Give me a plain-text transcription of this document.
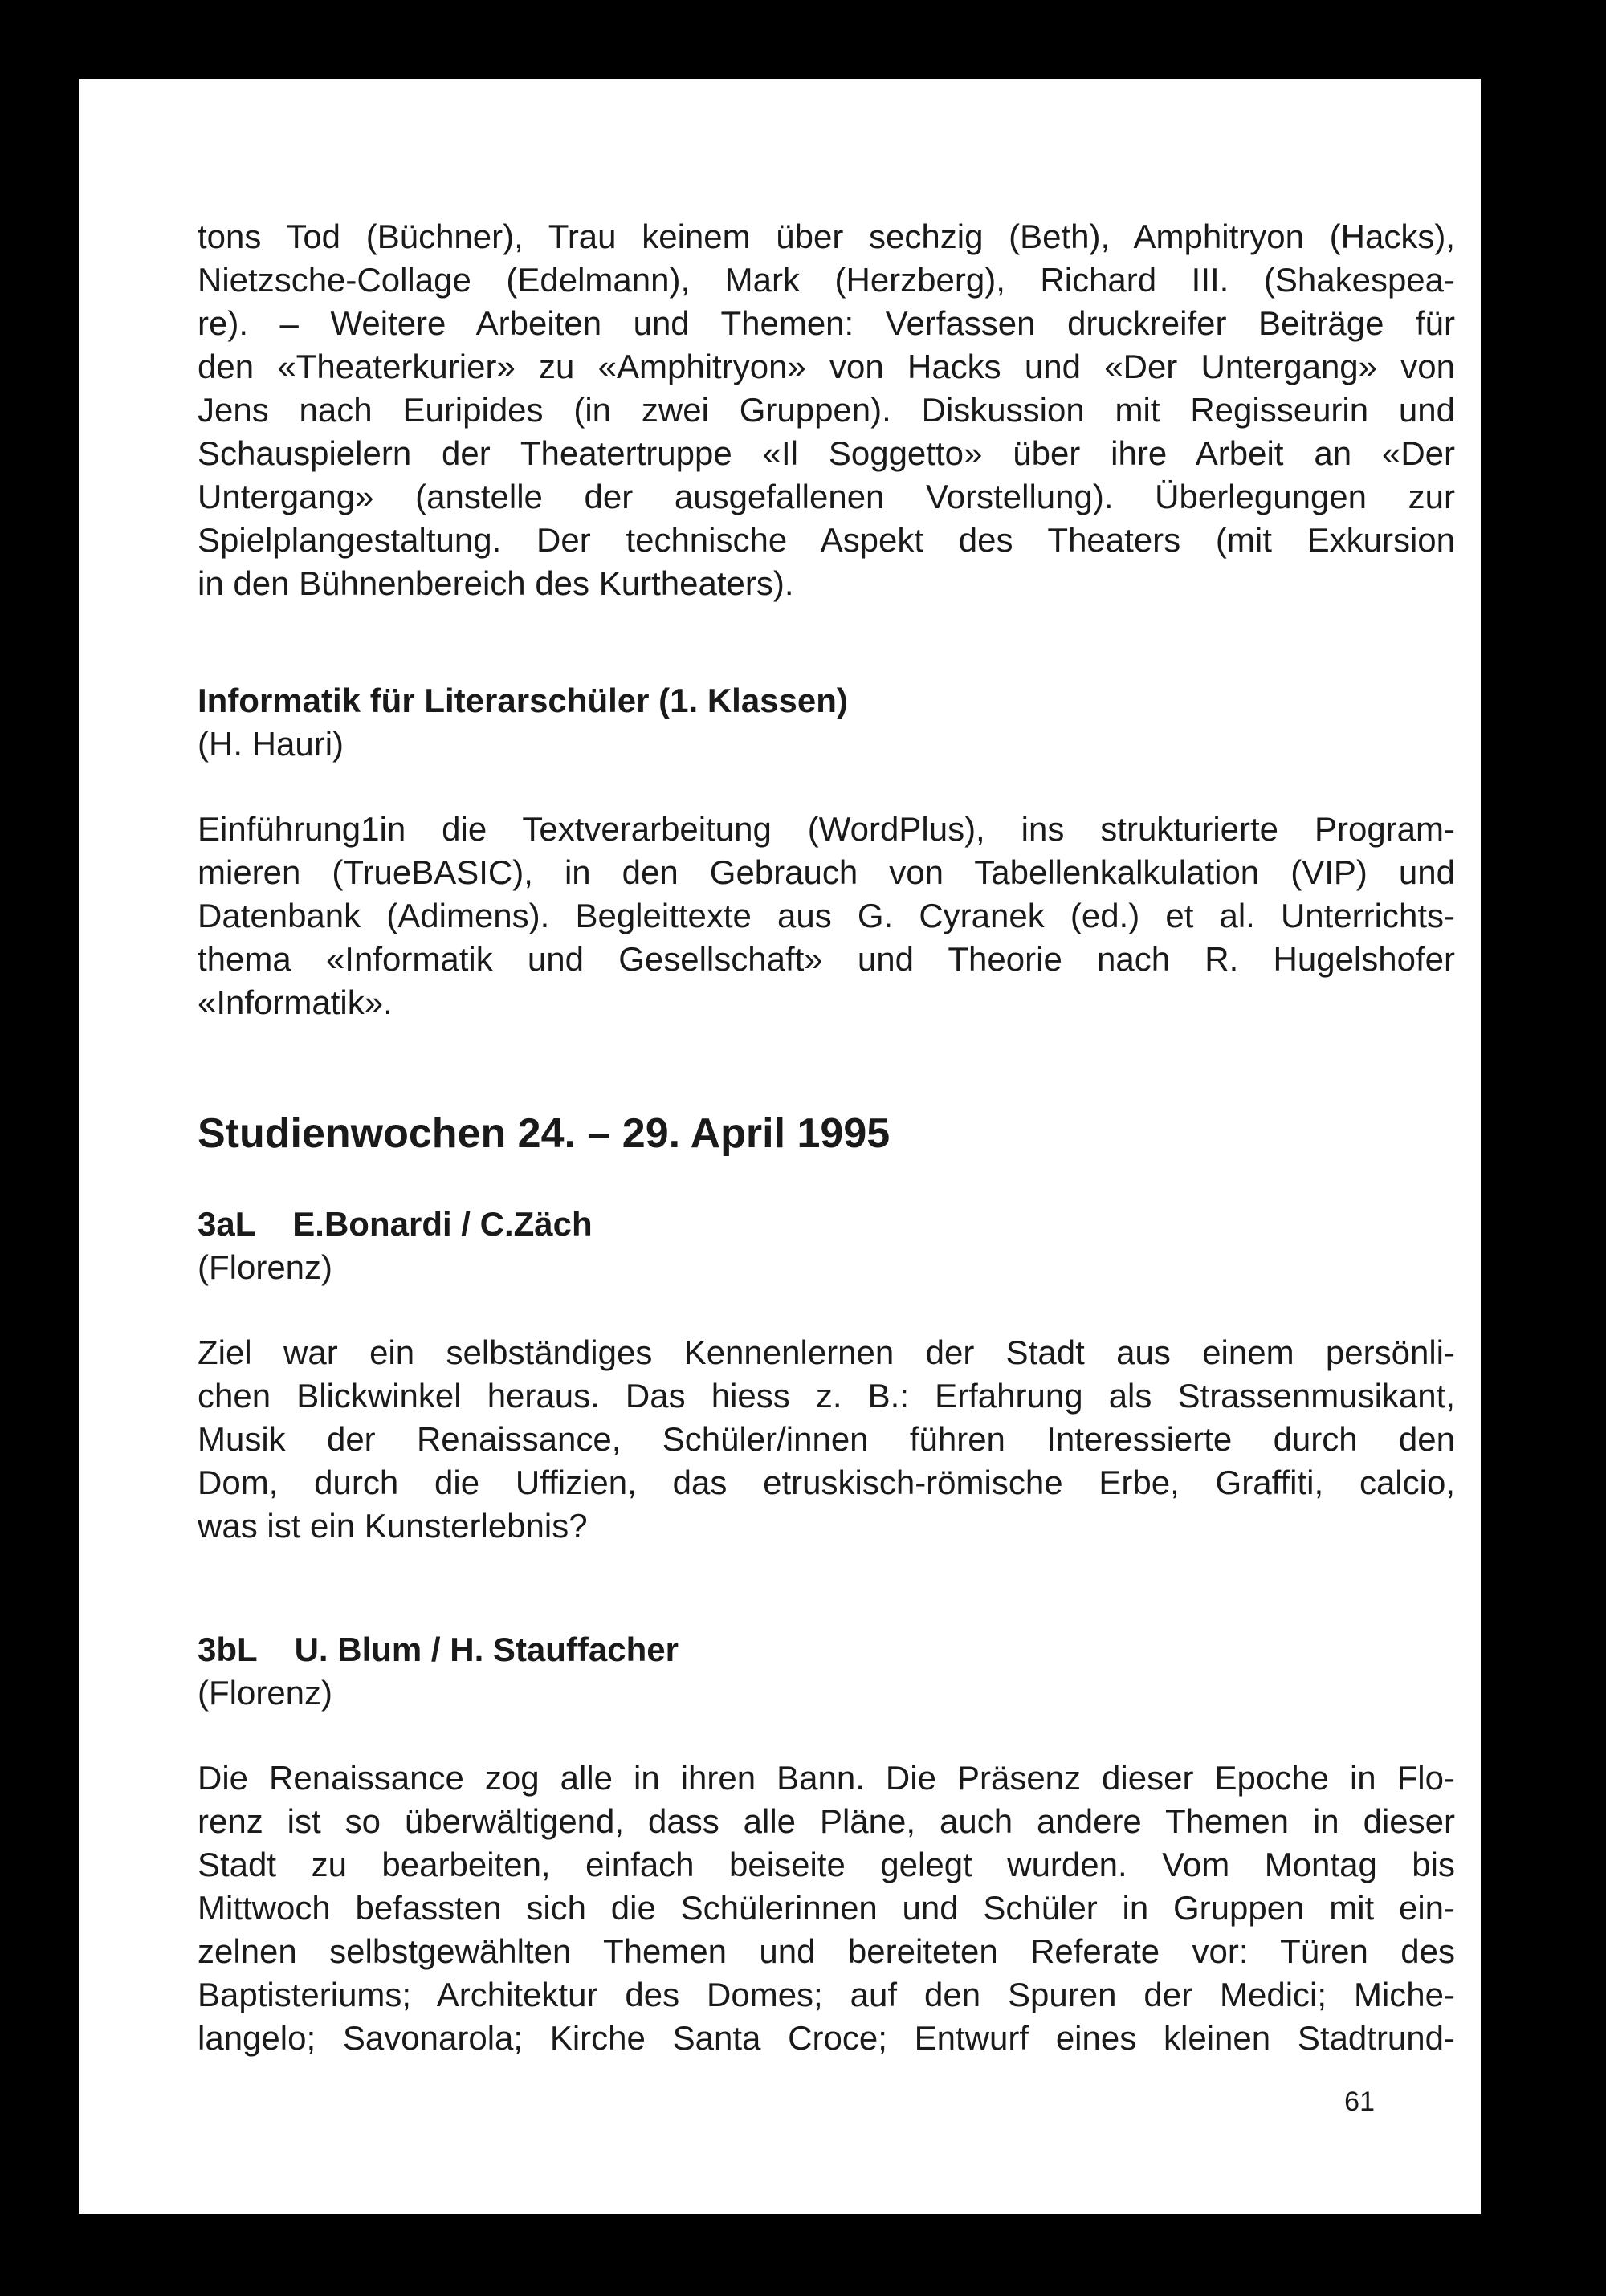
tons Tod (Büchner), Trau keinem über sechzig (Beth), Amphitryon (Hacks),
Nietzsche-Collage (Edelmann), Mark (Herzberg), Richard III. (Shakespea-
re). – Weitere Arbeiten und Themen: Verfassen druckreifer Beiträge für
den «Theaterkurier» zu «Amphitryon» von Hacks und «Der Untergang» von
Jens nach Euripides (in zwei Gruppen). Diskussion mit Regisseurin und
Schauspielern der Theatertruppe «Il Soggetto» über ihre Arbeit an «Der
Untergang» (anstelle der ausgefallenen Vorstellung). Überlegungen zur
Spielplangestaltung. Der technische Aspekt des Theaters (mit Exkursion
in den Bühnenbereich des Kurtheaters).
Informatik für Literarschüler (1. Klassen)
(H. Hauri)
Einführung1in die Textverarbeitung (WordPlus), ins strukturierte Program-
mieren (TrueBASIC), in den Gebrauch von Tabellenkalkulation (VIP) und
Datenbank (Adimens). Begleittexte aus G. Cyranek (ed.) et al. Unterrichts-
thema «Informatik und Gesellschaft» und Theorie nach R. Hugelshofer
«Informatik».
Studienwochen 24. – 29. April 1995
3aL    E.Bonardi / C.Zäch
(Florenz)
Ziel war ein selbständiges Kennenlernen der Stadt aus einem persönli-
chen Blickwinkel heraus. Das hiess z. B.: Erfahrung als Strassenmusikant,
Musik der Renaissance, Schüler/innen führen Interessierte durch den
Dom, durch die Uffizien, das etruskisch-römische Erbe, Graffiti, calcio,
was ist ein Kunsterlebnis?
3bL    U. Blum / H. Stauffacher
(Florenz)
Die Renaissance zog alle in ihren Bann. Die Präsenz dieser Epoche in Flo-
renz ist so überwältigend, dass alle Pläne, auch andere Themen in dieser
Stadt zu bearbeiten, einfach beiseite gelegt wurden. Vom Montag bis
Mittwoch befassten sich die Schülerinnen und Schüler in Gruppen mit ein-
zelnen selbstgewählten Themen und bereiteten Referate vor: Türen des
Baptisteriums; Architektur des Domes; auf den Spuren der Medici; Miche-
langelo; Savonarola; Kirche Santa Croce; Entwurf eines kleinen Stadtrund-
61
